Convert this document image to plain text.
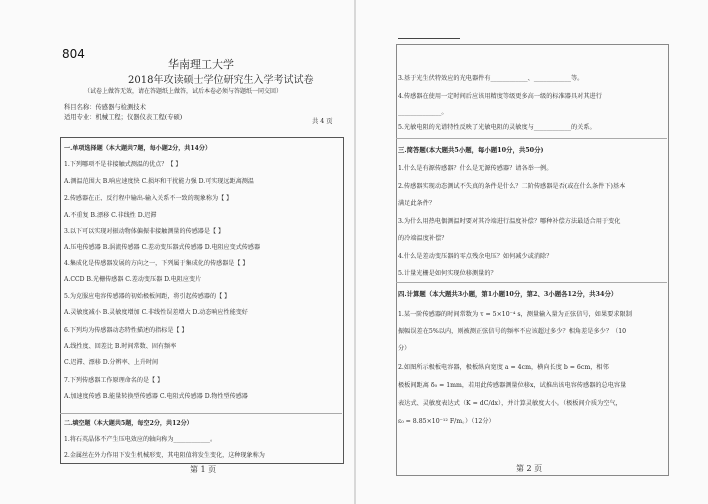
804
华南理工大学
2018年攻读硕士学位研究生入学考试试卷
（试卷上做答无效，请在答题纸上做答，试后本卷必须与答题纸一同交回）
科目名称：传感器与检测技术
适用专业：机械工程；仪器仪表工程(专硕)
共 4 页
一.单项选择题（本大题共7题，每小题2分，共14分）
1.下列哪项不是非接触式测温的优点？【 】
A.测温范围大 B.响应速度快 C.损坏和干扰能力强 D.可实现远距离测温
2.传感器在正、反行程中输出-输入关系不一致的现象称为【 】
A.不重复 B.漂移 C.非线性 D.迟滞
3.以下可以实现对振动物体偏振非接触测量的传感器是【 】
A.压电传感器 B.涡流传感器 C.差动变压器式传感器 D.电阻应变式传感器
4.集成化是传感器发展的方向之一，下列属于集成化的传感器是【 】
A.CCD B.光栅传感器 C.差动变压器 D.电阻应变片
5.为克服应电容传感器的初始极板间距，将引起传感器的【 】
A.灵敏度减小 B.灵敏度增加 C.非线性误差增大 D.动态响应性能变好
6.下列均为传感器动态特性描述的指标是【 】
A.线性度、回差比 B.时间常数、固有频率
C.迟滞、漂移 D.分辨率、上升时间
7.下列传感器工作原理命名的是【 】
A.加速度传感 B.能量转换型传感器 C.电阻式传感器 D.物性型传感器
二.填空题（本大题共5题，每空2分，共12分）
1.将石英晶体不产生压电效应的轴向称为____________。
2.金属丝在外力作用下发生机械形变，其电阻值将发生变化，这种现象称为
第 1 页
3.基于光生伏特效应的光电器件有____________、____________等。
4.传感器在使用一定时间后应该用精度等级更多高一级的标准器具对其进行
______________。
5.光敏电阻的光谱特性反映了光敏电阻的灵敏度与____________的关系。
三.简答题(本大题共5小题，每小题10分，共50分)
1.什么是有源传感器？什么是无源传感器？请各举一例。
2.传感器实现动态测试不失真的条件是什么？二阶传感器是否(或在什么条件下)基本
满足此条件？
3.为什么用热电偶测温时要对其冷端进行温度补偿？哪种补偿方法最适合用于变化
的冷端温度补偿？
4.什么是差动变压器的零点残余电压？如何减少或消除？
5.计量光栅是如何实现位移测量的？
四.计算题（本大题共3小题，第1小题10分，第2、3小题各12分，共34分）
1.某一阶传感器的时间常数为 τ = 5×10⁻⁴ s，测量输入量为正弦信号，如果要求限制
振幅误差在5%以内，则被测正弦信号的频率不应该超过多少？相角差是多少？（10
分）
2.如图所示极板电容器，极板纵向宽度 a = 4cm，横向长度 b = 6cm，相邻
极板间距离 δ₀ = 1mm，若用此传感器测量位移x，试推出该电容传感器的总电容量
表达式、灵敏度表达式（K = dC/dx），并计算灵敏度大小。（极板间介质为空气，
ε₀ = 8.85×10⁻¹² F/m。）（12分）
第 2 页
